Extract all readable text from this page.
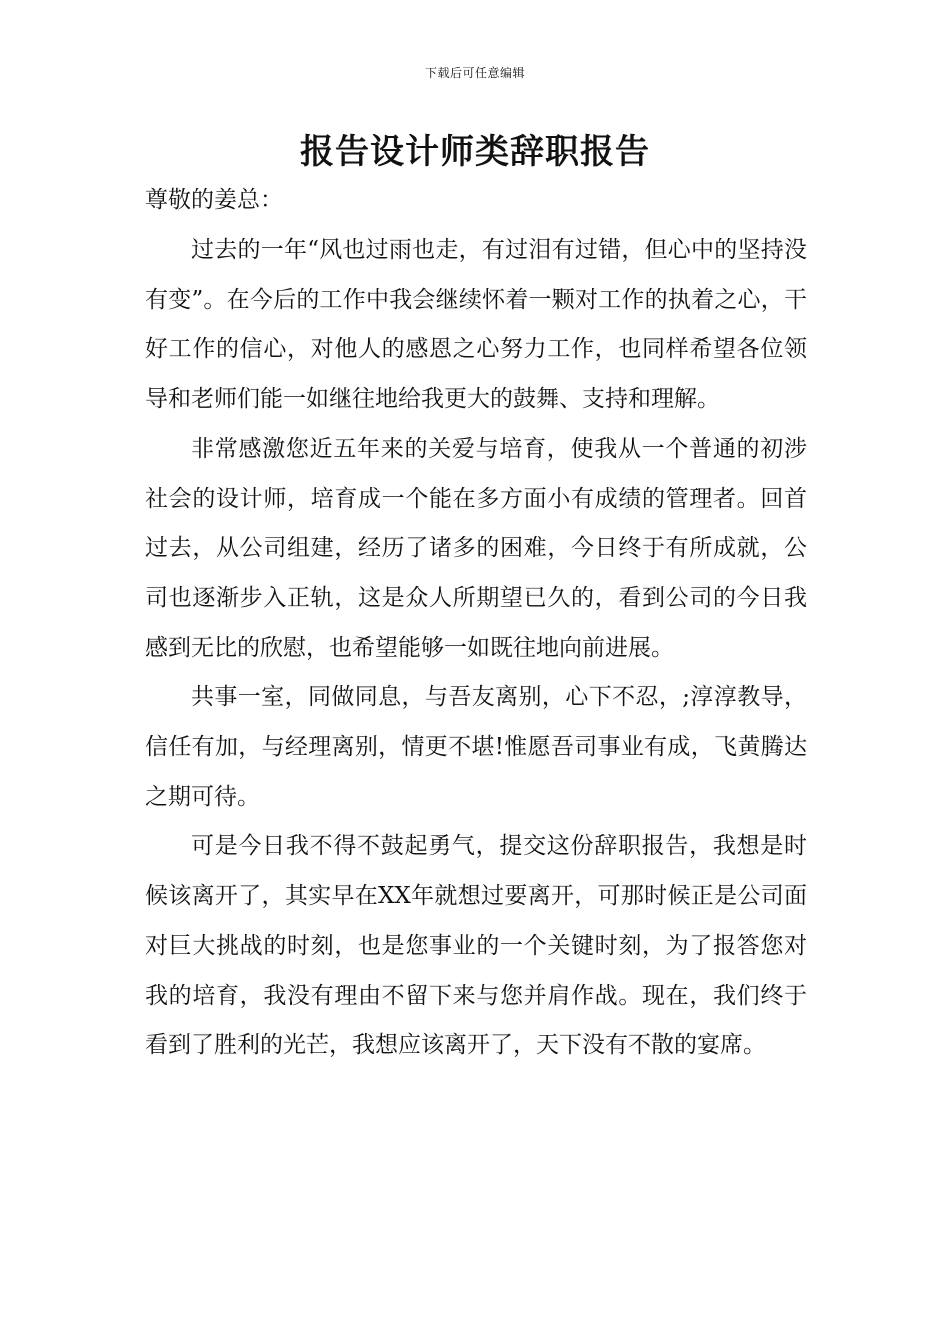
下载后可任意编辑
报告设计师类辞职报告
尊敬的姜总：

过去的一年“风也过雨也走，有过泪有过错，但心中的坚持没有变”。在今后的工作中我会继续怀着一颗对工作的执着之心，干好工作的信心，对他人的感恩之心努力工作，也同样希望各位领导和老师们能一如继往地给我更大的鼓舞、支持和理解。

非常感激您近五年来的关爱与培育，使我从一个普通的初涉社会的设计师，培育成一个能在多方面小有成绩的管理者。回首过去，从公司组建，经历了诸多的困难，今日终于有所成就，公司也逐渐步入正轨，这是众人所期望已久的，看到公司的今日我感到无比的欣慰，也希望能够一如既往地向前进展。

共事一室，同做同息，与吾友离别，心下不忍，;淳淳教导，信任有加，与经理离别，情更不堪!惟愿吾司事业有成，飞黄腾达之期可待。

可是今日我不得不鼓起勇气，提交这份辞职报告，我想是时候该离开了，其实早在XX年就想过要离开，可那时候正是公司面对巨大挑战的时刻，也是您事业的一个关键时刻，为了报答您对我的培育，我没有理由不留下来与您并肩作战。现在，我们终于看到了胜利的光芒，我想应该离开了，天下没有不散的宴席。
